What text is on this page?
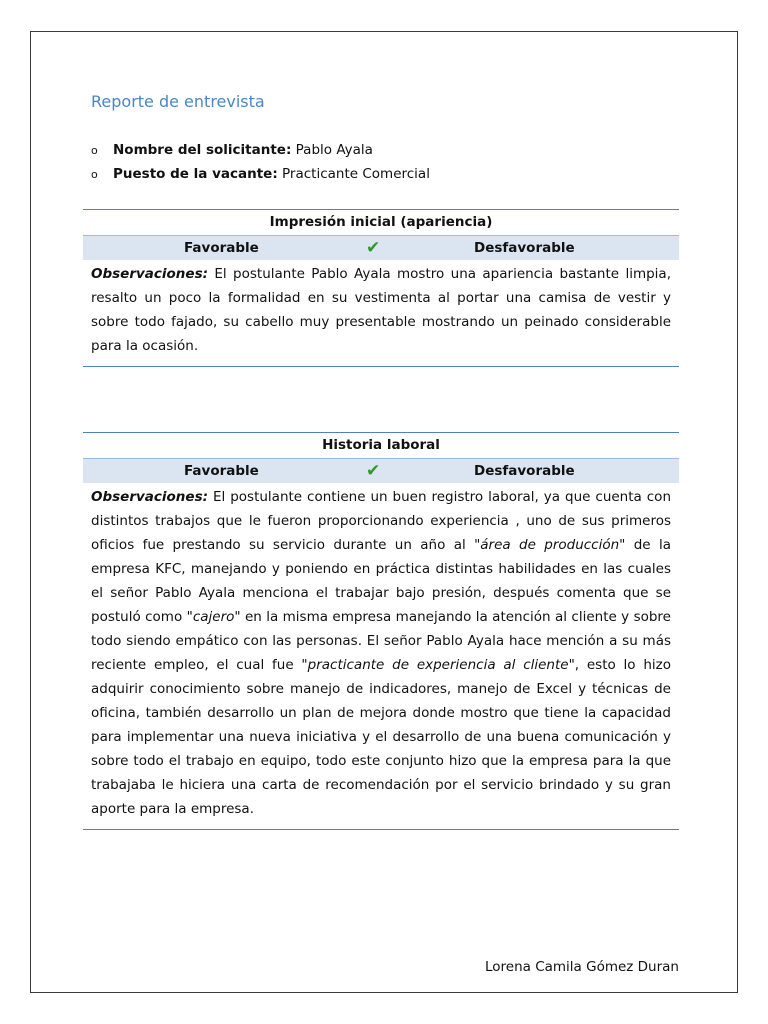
Reporte de entrevista
o Nombre del solicitante: Pablo Ayala
o Puesto de la vacante: Practicante Comercial
Impresión inicial (apariencia)
Favorable	✔	Desfavorable
Observaciones: El postulante Pablo Ayala mostro una apariencia bastante limpia, resalto un poco la formalidad en su vestimenta al portar una camisa de vestir y sobre todo fajado, su cabello muy presentable mostrando un peinado considerable para la ocasión.
Historia laboral
Favorable	✔	Desfavorable
Observaciones: El postulante contiene un buen registro laboral, ya que cuenta con distintos trabajos que le fueron proporcionando experiencia , uno de sus primeros oficios fue prestando su servicio durante un año al "área de producción" de la empresa KFC, manejando y poniendo en práctica distintas habilidades en las cuales el señor Pablo Ayala menciona el trabajar bajo presión, después comenta que se postuló como "cajero" en la misma empresa manejando la atención al cliente y sobre todo siendo empático con las personas. El señor Pablo Ayala hace mención a su más reciente empleo, el cual fue "practicante de experiencia al cliente", esto lo hizo adquirir conocimiento sobre manejo de indicadores, manejo de Excel y técnicas de oficina, también desarrollo un plan de mejora donde mostro que tiene la capacidad para implementar una nueva iniciativa y el desarrollo de una buena comunicación y sobre todo el trabajo en equipo, todo este conjunto hizo que la empresa para la que trabajaba le hiciera una carta de recomendación por el servicio brindado y su gran aporte para la empresa.
Lorena Camila Gómez Duran
